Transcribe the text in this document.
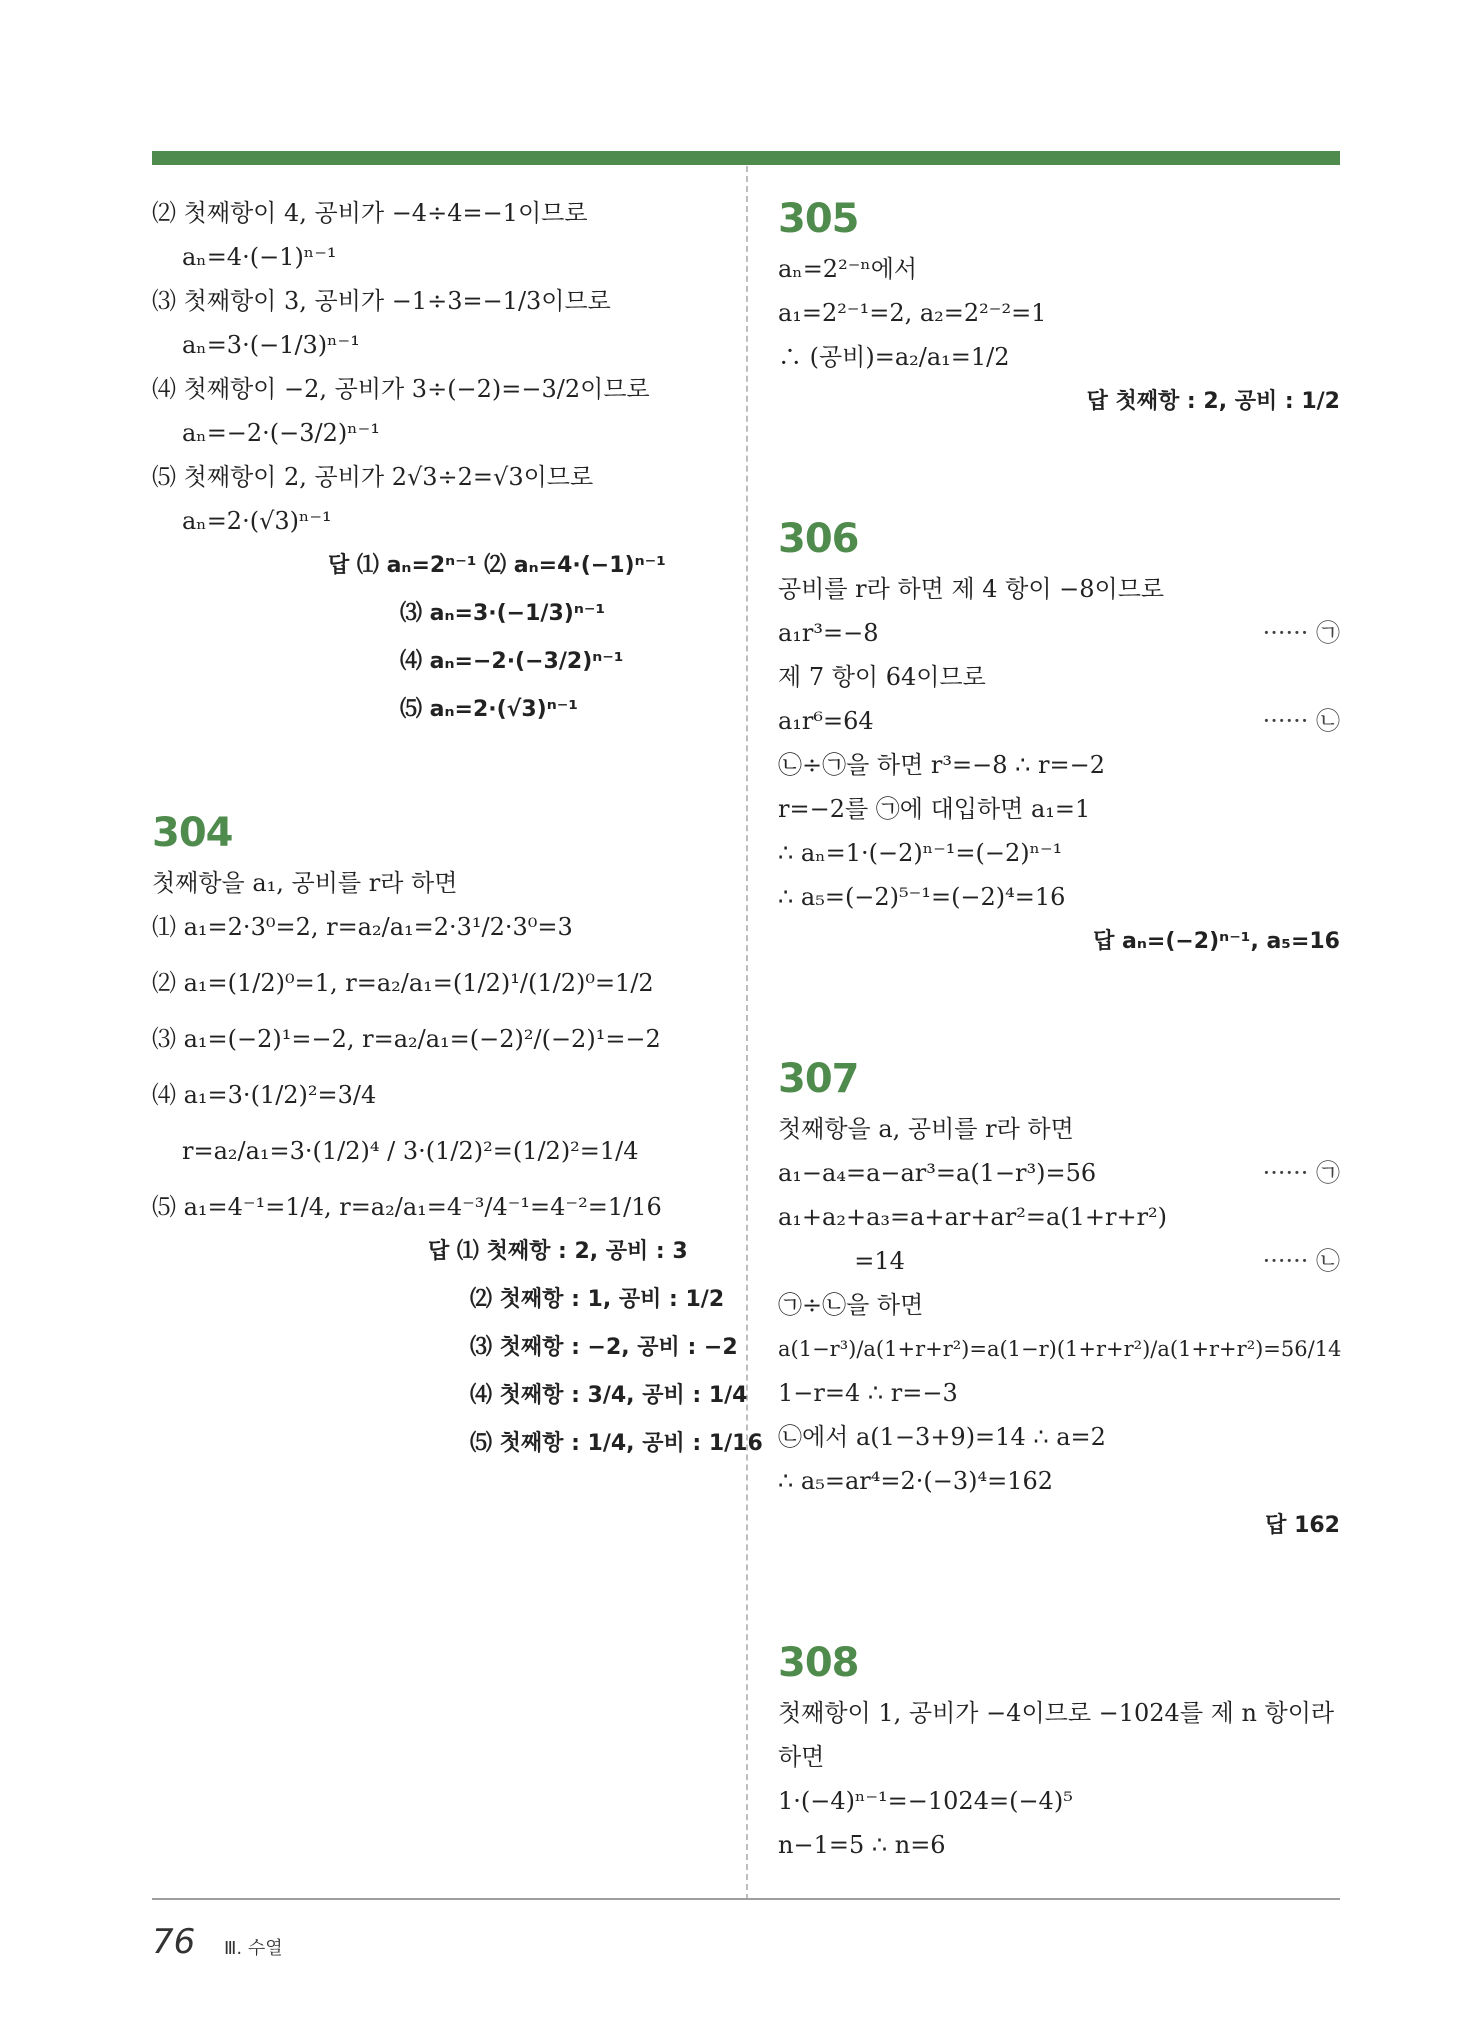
⑵ 첫째항이 4, 공비가 −4÷4=−1이므로
aₙ=4·(−1)ⁿ⁻¹
⑶ 첫째항이 3, 공비가 −1÷3=−1/3이므로
aₙ=3·(−1/3)ⁿ⁻¹
⑷ 첫째항이 −2, 공비가 3÷(−2)=−3/2이므로
aₙ=−2·(−3/2)ⁿ⁻¹
⑸ 첫째항이 2, 공비가 2√3÷2=√3이므로
aₙ=2·(√3)ⁿ⁻¹
답 ⑴ aₙ=2ⁿ⁻¹ ⑵ aₙ=4·(−1)ⁿ⁻¹
⑶ aₙ=3·(−1/3)ⁿ⁻¹
⑷ aₙ=−2·(−3/2)ⁿ⁻¹
⑸ aₙ=2·(√3)ⁿ⁻¹
304
첫째항을 a₁, 공비를 r라 하면
⑴ a₁=2·3⁰=2, r=a₂/a₁=2·3¹/2·3⁰=3
⑵ a₁=(1/2)⁰=1, r=a₂/a₁=(1/2)¹/(1/2)⁰=1/2
⑶ a₁=(−2)¹=−2, r=a₂/a₁=(−2)²/(−2)¹=−2
⑷ a₁=3·(1/2)²=3/4
r=a₂/a₁=3·(1/2)⁴ / 3·(1/2)²=(1/2)²=1/4
⑸ a₁=4⁻¹=1/4, r=a₂/a₁=4⁻³/4⁻¹=4⁻²=1/16
답 ⑴ 첫째항 : 2, 공비 : 3
⑵ 첫째항 : 1, 공비 : 1/2
⑶ 첫째항 : −2, 공비 : −2
⑷ 첫째항 : 3/4, 공비 : 1/4
⑸ 첫째항 : 1/4, 공비 : 1/16
305
aₙ=2²⁻ⁿ에서
a₁=2²⁻¹=2, a₂=2²⁻²=1
∴ (공비)=a₂/a₁=1/2
답 첫째항 : 2, 공비 : 1/2
306
공비를 r라 하면 제 4 항이 −8이므로
a₁r³=−8	······ ㉠
제 7 항이 64이므로
a₁r⁶=64	······ ㉡
㉡÷㉠을 하면 r³=−8 ∴ r=−2
r=−2를 ㉠에 대입하면 a₁=1
∴ aₙ=1·(−2)ⁿ⁻¹=(−2)ⁿ⁻¹
∴ a₅=(−2)⁵⁻¹=(−2)⁴=16
답 aₙ=(−2)ⁿ⁻¹, a₅=16
307
첫째항을 a, 공비를 r라 하면
a₁−a₄=a−ar³=a(1−r³)=56	······ ㉠
a₁+a₂+a₃=a+ar+ar²=a(1+r+r²)
=14	······ ㉡
㉠÷㉡을 하면
a(1−r³)/a(1+r+r²)=a(1−r)(1+r+r²)/a(1+r+r²)=56/14
1−r=4 ∴ r=−3
㉡에서 a(1−3+9)=14 ∴ a=2
∴ a₅=ar⁴=2·(−3)⁴=162
답 162
308
첫째항이 1, 공비가 −4이므로 −1024를 제 n 항이라
하면
1·(−4)ⁿ⁻¹=−1024=(−4)⁵
n−1=5 ∴ n=6
76 Ⅲ. 수열
